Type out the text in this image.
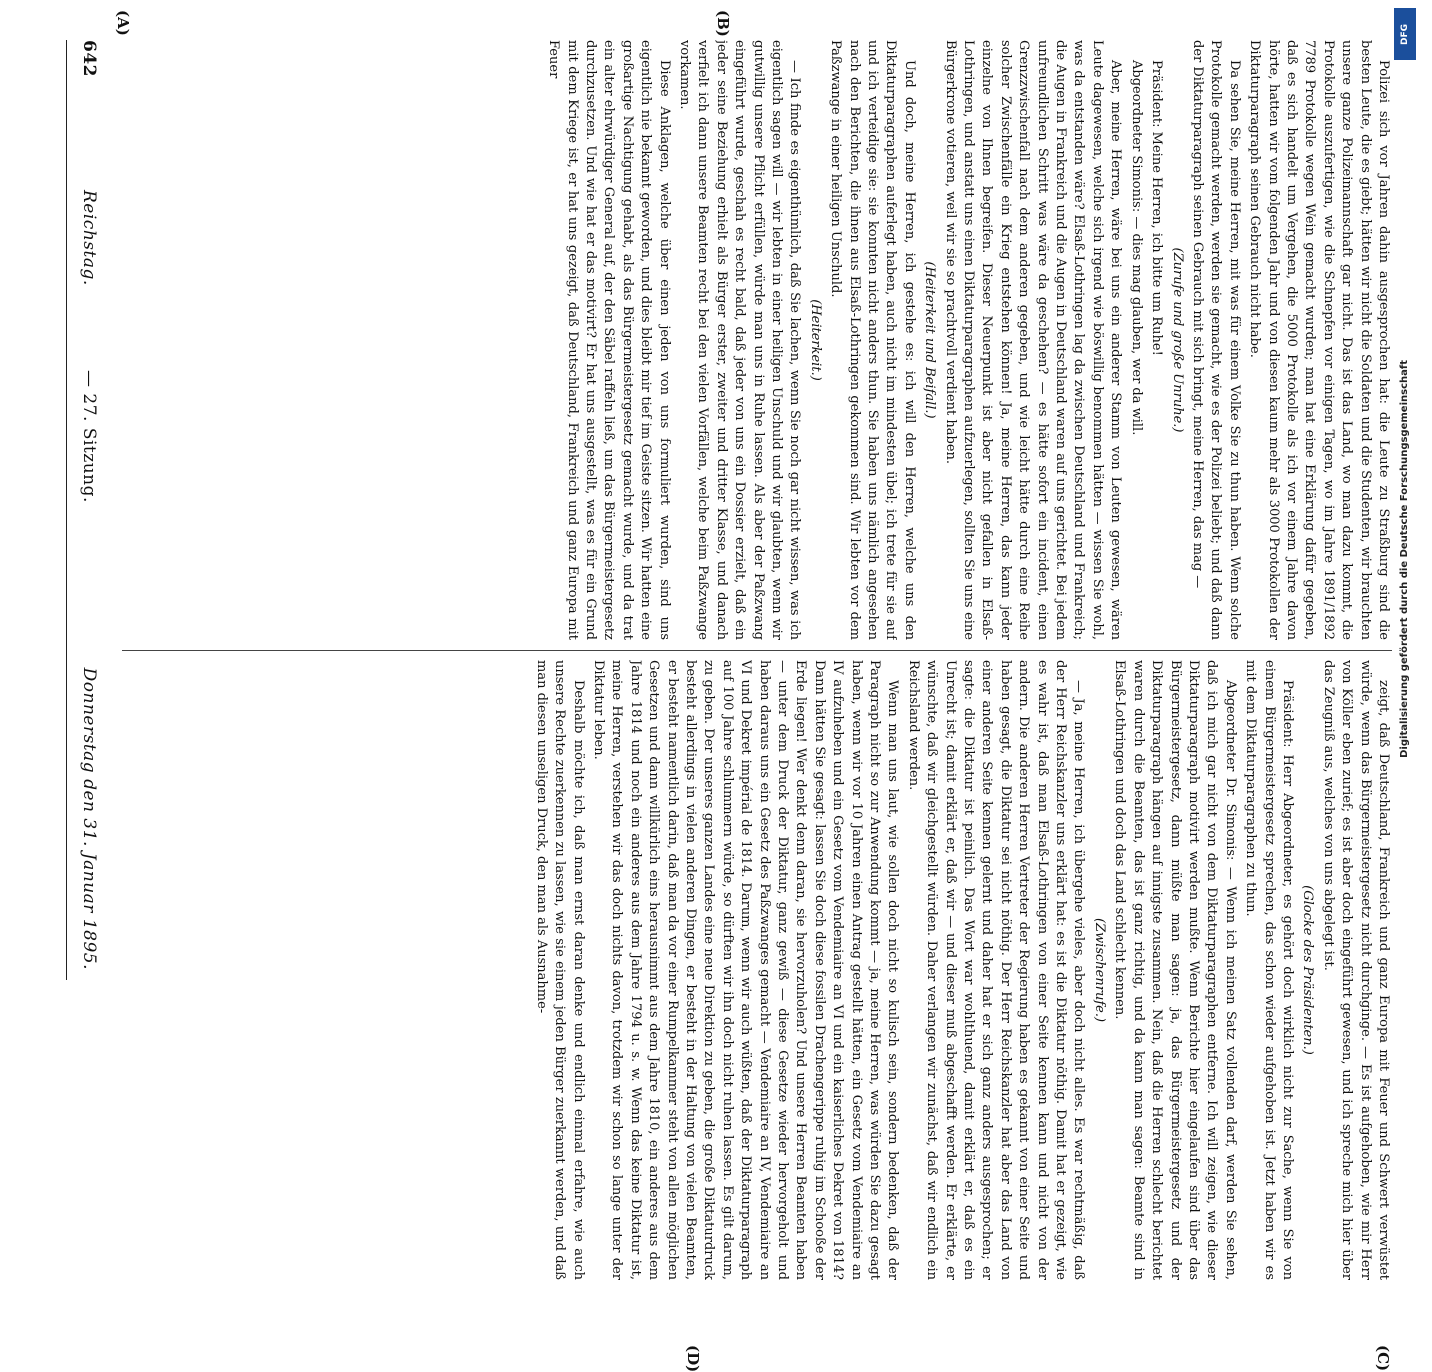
642
Reichstag.
— 27. Sitzung.
Donnerstag den 31. Januar 1895.

Polizei sich vor Jahren dahin ausgesprochen hat: die Leute zu Straßburg sind die besten Leute, die es giebt; hätten wir nicht die Soldaten und die Studenten, wir brauchten unsere ganze Polizeimannschaft gar nicht. Das ist das Land, wo man dazu kommt, die Protokolle auszufertigen, wie die Schnepfen vor einigen Tagen, wo im Jahre 1891/1892 7789 Protokolle wegen Wein gemacht wurden; man hat eine Erklärung dafür gegeben, daß es sich handelt um Vergehen, die 5000 Protokolle als ich vor einem Jahre davon hörte, hatten wir vom folgenden Jahr und von diesen kaum mehr als 3000 Protokollen der Diktaturparagraph seinen Gebrauch nicht habe.

Da sehen Sie, meine Herren, mit was für einem Volke Sie zu thun haben. Wenn solche Protokolle gemacht werden, werden sie gemacht, wie es der Polizei beliebt; und daß dann der Diktaturparagraph seinen Gebrauch mit sich bringt, meine Herren, das mag —

(Zurufe und große Unruhe.)

Präsident: Meine Herren, ich bitte um Ruhe!

Abgeordneter Simonis: — dies mag glauben, wer da will.

Aber, meine Herren, wäre bei uns ein anderer Stamm von Leuten gewesen, wären Leute dagewesen, welche sich irgend wie böswillig benommen hätten — wissen Sie wohl, was da entstanden wäre? Elsaß-Lothringen lag da zwischen Deutschland und Frankreich; die Augen in Frankreich und die Augen in Deutschland waren auf uns gerichtet. Bei jedem unfreundlichen Schritt was wäre da geschehen? — es hätte sofort ein incident, einen Grenzzwischenfall nach dem anderen gegeben, und wie leicht hätte durch eine Reihe solcher Zwischenfälle ein Krieg entstehen können! Ja, meine Herren, das kann jeder einzelne von Ihnen begreifen. Dieser Neuerpunkt ist aber nicht gefallen in Elsaß-Lothringen, und anstatt uns einen Diktaturparagraphen aufzuerlegen, sollten Sie uns eine Bürgerkrone votieren, weil wir sie so prachtvoll verdient haben.

(Heiterkeit und Beifall.)

Und doch, meine Herren, ich gestehe es: ich will den Herren, welche uns den Diktaturparagraphen auferlegt haben, auch nicht im mindesten übel; ich trete für sie auf und ich verteidige sie: sie konnten nicht anders thun. Sie haben uns nämlich angesehen nach den Berichten, die ihnen aus Elsaß-Lothringen gekommen sind. Wir lebten vor dem Paßzwange in einer heiligen Unschuld.

(Heiterkeit.)

— Ich finde es eigenthümlich, daß Sie lachen, wenn Sie noch gar nicht wissen, was ich eigentlich sagen will — wir lebten in einer heiligen Unschuld und wir glaubten, wenn wir gutwillig unsere Pflicht erfüllen, würde man uns in Ruhe lassen. Als aber der Paßzwang eingeführt wurde, geschah es recht bald, daß jeder von uns ein Dossier erzielt, daß ein jeder seine Beziehung erhielt als Bürger erster, zweiter und dritter Klasse, und danach verfielt ich dann unsere Beamten recht bei den vielen Vorfällen, welche beim Paßzwange vorkamen.

Diese Anklagen, welche über einen jeden von uns formuliert wurden, sind uns eigentlich nie bekannt geworden, und dies bleibt mir tief im Geiste sitzen. Wir hatten eine großartige Nachtigung gehabt, als das Bürgermeistergesetz gemacht wurde, und da trat ein alter ehrwürdiger General auf, der den Säbel raffeln ließ, um das Bürgermeistergesetz durchzusetzen. Und wie hat er das motivirt? Er hat uns ausgestellt, was es für ein Grund mit dem Kriege ist, er hat uns gezeigt, daß Deutschland, Frankreich und ganz Europa mit Feuer

zeigt, daß Deutschland, Frankreich und ganz Europa mit Feuer und Schwert verwüstet würde, wenn das Bürgermeistergesetz nicht durchginge. — Es ist aufgehoben, wie mir Herr von Köller eben zurief; es ist aber doch eingeführt gewesen, und ich spreche mich hier über das Zeugniß aus, welches von uns abgelegt ist.

(Glocke des Präsidenten.)

Präsident: Herr Abgeordneter, es gehört doch wirklich nicht zur Sache, wenn Sie von einem Bürgermeistergesetz sprechen, das schon wieder aufgehoben ist. Jetzt haben wir es mit dem Diktaturparagraphen zu thun.

Abgeordneter Dr. Simonis: — Wenn ich meinen Satz vollenden darf, werden Sie sehen, daß ich mich gar nicht von dem Diktaturparagraphen entferne. Ich will zeigen, wie dieser Diktaturparagraph motivirt werden mußte. Wenn Berichte hier eingelaufen sind über das Bürgermeistergesetz, dann müßte man sagen: ja, das Bürgermeistergesetz und der Diktaturparagraph hängen auf innigste zusammen. Nein, daß die Herren schlecht berichtet waren durch die Beamten, das ist ganz richtig, und da kann man sagen: Beamte sind in Elsaß-Lothringen und doch das Land schlecht kennen.

(Zwischenrufe.)

— Ja, meine Herren, ich übergehe vieles, aber doch nicht alles. Es war rechtmäßig, daß der Herr Reichskanzler uns erklärt hat: es ist die Diktatur nöthig. Damit hat er gezeigt, wie es wahr ist, daß man Elsaß-Lothringen von einer Seite kennen kann und nicht von der andern. Die anderen Herren Vertreter der Regierung haben es gekannt von einer Seite und haben gesagt, die Diktatur sei nicht nöthig. Der Herr Reichskanzler hat aber das Land von einer anderen Seite kennen gelernt und daher hat er sich ganz anders ausgesprochen; er sagte: die Diktatur ist peinlich. Das Wort war wohlthuend, damit erklärt er, daß es ein Unrecht ist; damit erklärt er, daß wir — und dieser muß abgeschafft werden. Er erklärte, er wünschte, daß wir gleichgestellt würden. Daher verlangen wir zunächst, daß wir endlich ein Reichsland werden.

Wenn man uns laut, wie sollen doch nicht so kulisch sein, sondern bedenken, daß der Paragraph nicht so zur Anwendung kommt — ja, meine Herren, was würden Sie dazu gesagt haben, wenn wir vor 10 Jahren einen Antrag gestellt hätten, ein Gesetz vom Vendemiaire an IV aufzuheben und ein Gesetz vom Vendemiaire an VI und ein kaiserliches Dekret von 1814? Dann hätten Sie gesagt: lassen Sie doch diese fossilen Drachengerippe ruhig im Schooße der Erde liegen! Wer denkt denn daran, sie hervorzuholen? Und unsere Herren Beamten haben — unter dem Druck der Diktatur, ganz gewiß — diese Gesetze wieder hervorgeholt und haben daraus uns ein Gesetz des Paßzwanges gemacht — Vendemiaire an IV, Vendemiaire an VI und Dekret impérial de 1814. Darum, wenn wir auch wüßten, daß der Diktaturparagraph auf 100 Jahre schlummern würde, so dürften wir ihn doch nicht ruhen lassen. Es gilt darum, zu geben. Der unseres ganzen Landes eine neue Direktion zu geben, die große Diktaturdruck besteht allerdings in vielen anderen Dingen, er besteht in der Haltung von vielen Beamten, er besteht namentlich darin, daß man da vor einer Rumpelkammer steht von allen möglichen Gesetzen und dann willkürlich eins herausnimmt aus dem Jahre 1810, ein anderes aus dem Jahre 1814 und noch ein anderes aus dem Jahre 1794 u. s. w. Wenn das keine Diktatur ist, meine Herren, verstehen wir das doch nichts davon, trotzdem wir schon so lange unter der Diktatur leben.

Deshalb möchte ich, daß man ernst daran denke und endlich einmal erfahre, wie auch unsere Rechte zuerkennen zu lassen, wie sie einem jeden Bürger zuerkannt werden, und daß man diesen unseligen Druck, den man als Ausnahme-

(A)	(B)
(C)
(D)
DFG
Digitalisierung gefördert durch die Deutsche Forschungsgemeinschaft
